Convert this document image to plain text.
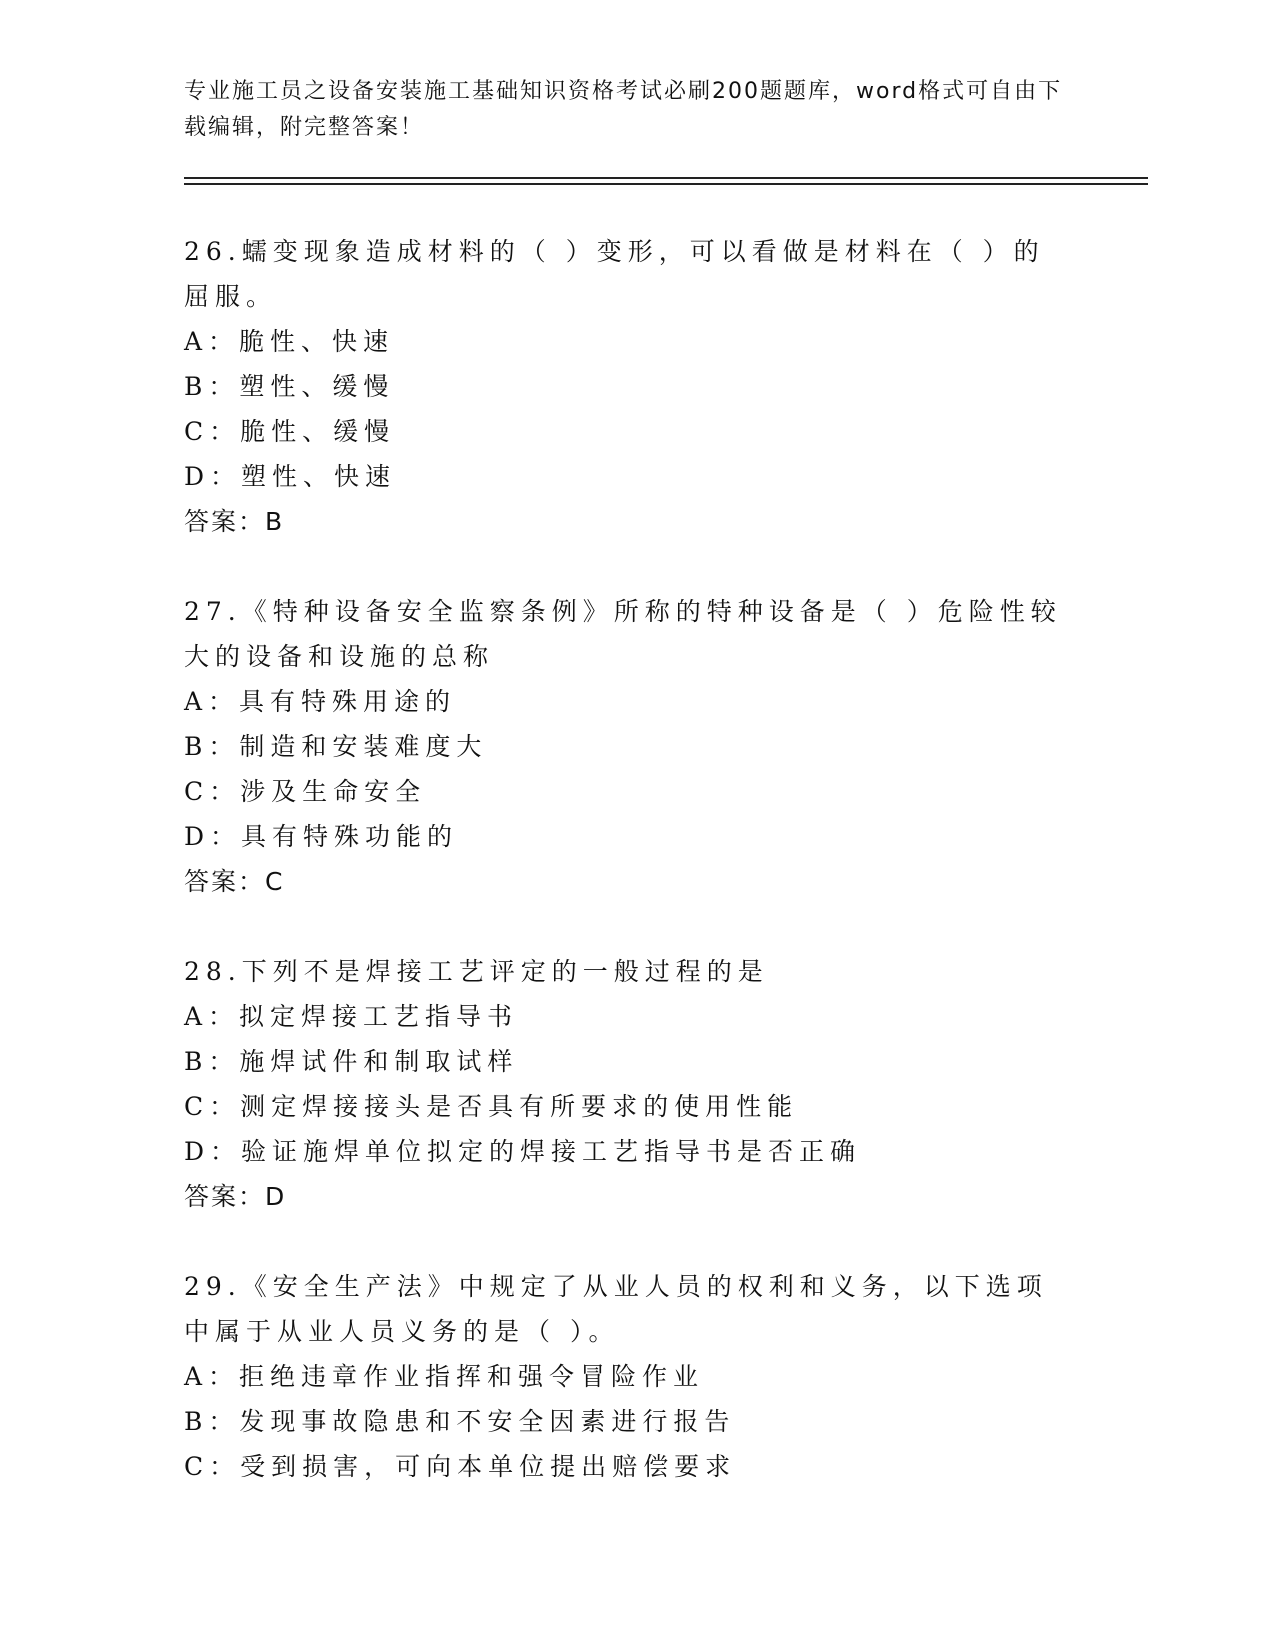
专业施工员之设备安装施工基础知识资格考试必刷200题题库，word格式可自由下载编辑，附完整答案！
26.蠕变现象造成材料的（ ）变形，可以看做是材料在（ ）的屈服。
A：脆性、快速
B：塑性、缓慢
C：脆性、缓慢
D：塑性、快速
答案：B
27.《特种设备安全监察条例》所称的特种设备是（ ）危险性较大的设备和设施的总称
A：具有特殊用途的
B：制造和安装难度大
C：涉及生命安全
D：具有特殊功能的
答案：C
28.下列不是焊接工艺评定的一般过程的是
A：拟定焊接工艺指导书
B：施焊试件和制取试样
C：测定焊接接头是否具有所要求的使用性能
D：验证施焊单位拟定的焊接工艺指导书是否正确
答案：D
29.《安全生产法》中规定了从业人员的权利和义务，以下选项中属于从业人员义务的是（ ）。
A：拒绝违章作业指挥和强令冒险作业
B：发现事故隐患和不安全因素进行报告
C：受到损害，可向本单位提出赔偿要求
